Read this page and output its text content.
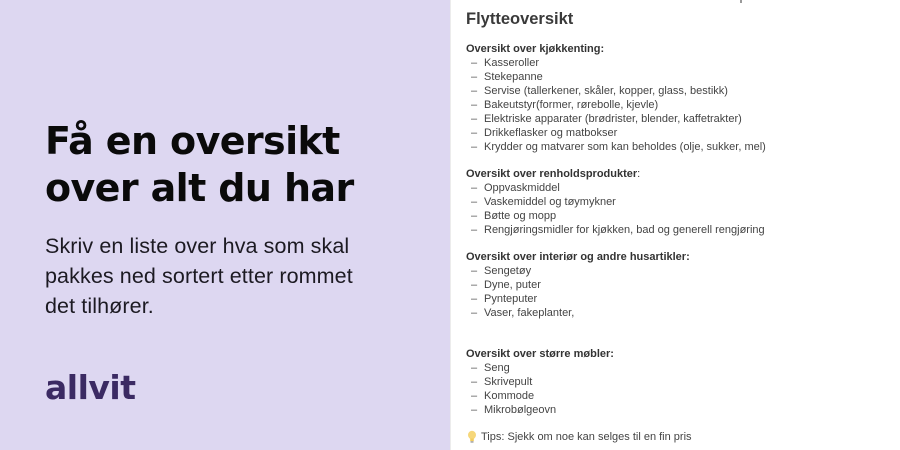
Få en oversikt
over alt du har

Skriv en liste over hva som skal
pakkes ned sortert etter rommet
det tilhører.

allvit
Flytteoversikt
Oversikt over kjøkkenting:
– Kasseroller
– Stekepanne
– Servise (tallerkener, skåler, kopper, glass, bestikk)
– Bakeutstyr(former, rørebolle, kjevle)
– Elektriske apparater (brødrister, blender, kaffetrakter)
– Drikkeflasker og matbokser
– Krydder og matvarer som kan beholdes (olje, sukker, mel)
Oversikt over renholdsprodukter:
– Oppvaskmiddel
– Vaskemiddel og tøymykner
– Bøtte og mopp
– Rengjøringsmidler for kjøkken, bad og generell rengjøring
Oversikt over interiør og andre husartikler:
– Sengetøy
– Dyne, puter
– Pynteputer
– Vaser, fakeplanter,
Oversikt over større møbler:
– Seng
– Skrivepult
– Kommode
– Mikrobølgeovn
Tips: Sjekk om noe kan selges til en fin pris
